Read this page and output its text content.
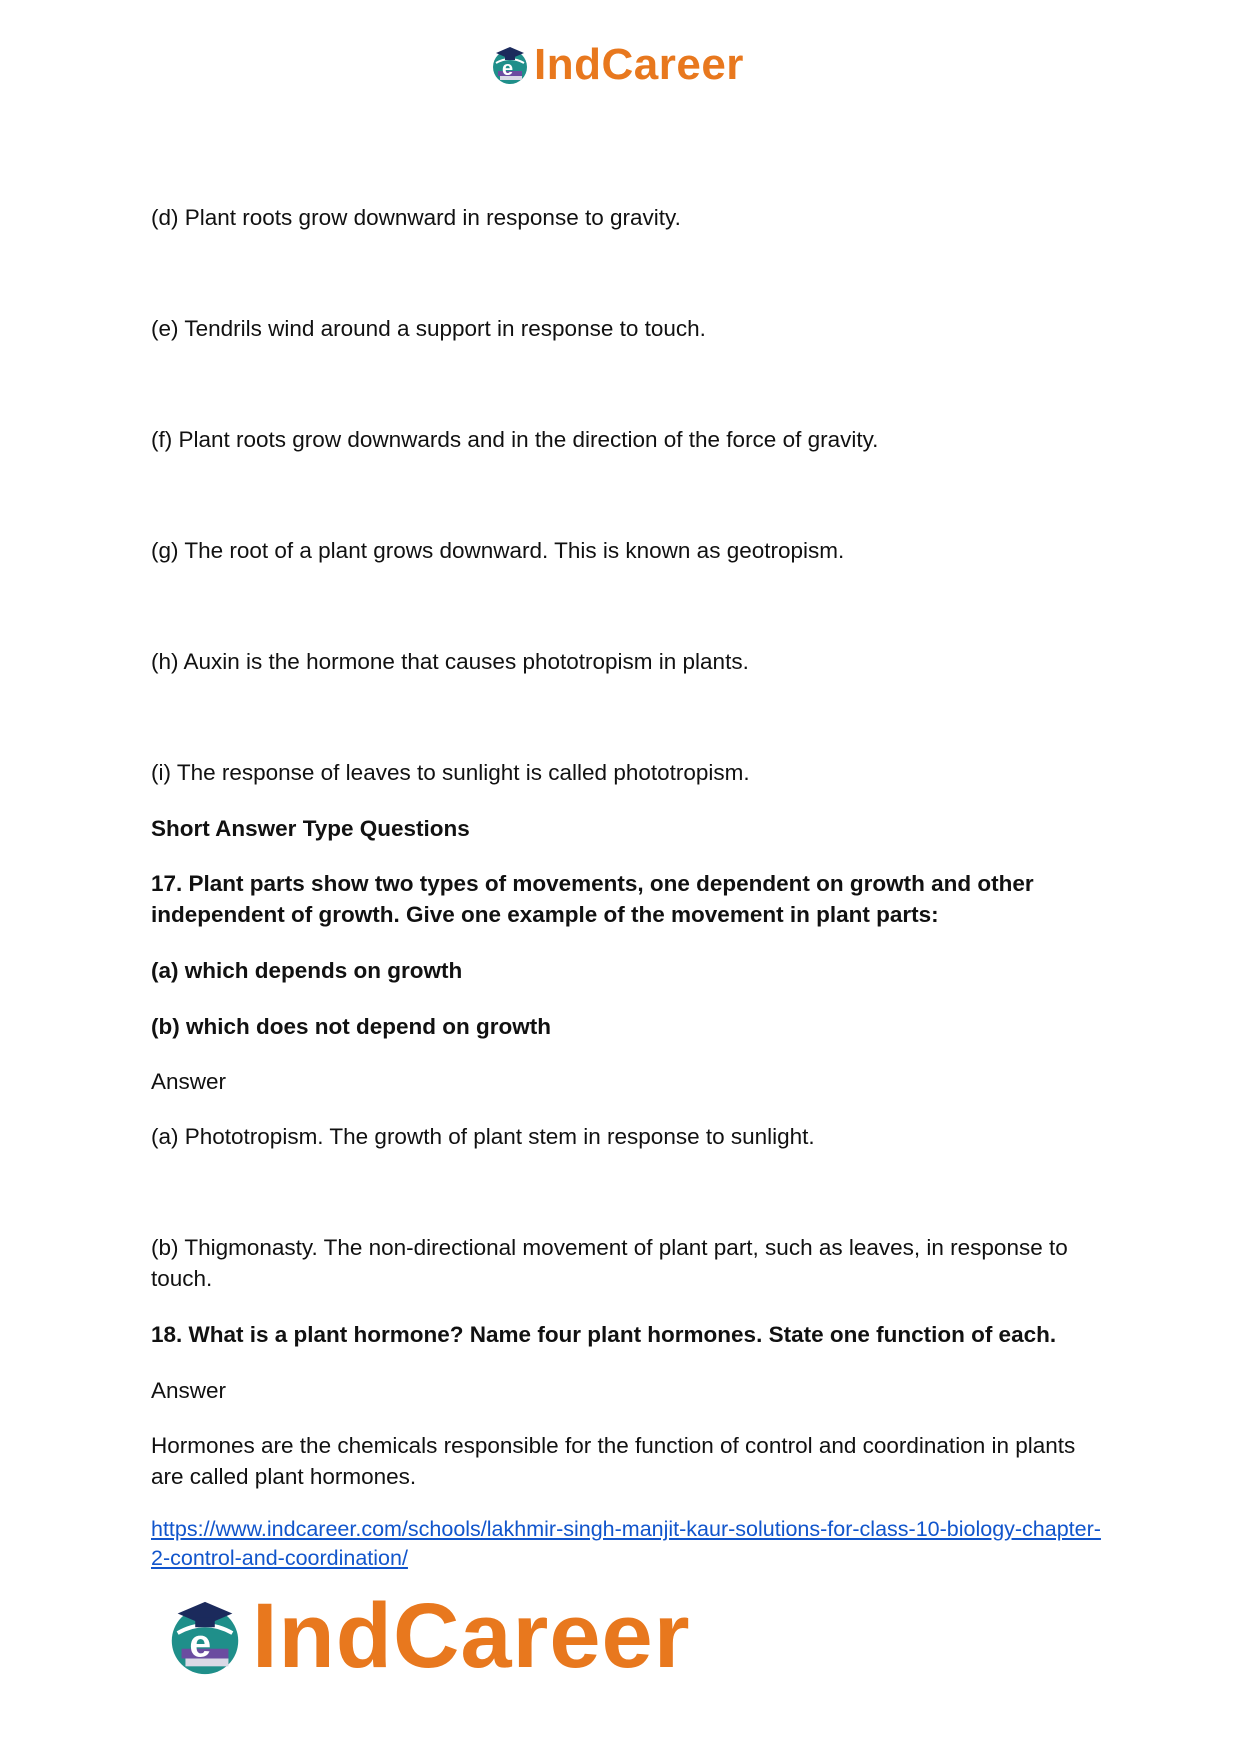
e IndCareer

(d) Plant roots grow downward in response to gravity.

(e) Tendrils wind around a support in response to touch.

(f) Plant roots grow downwards and in the direction of the force of gravity.

(g) The root of a plant grows downward. This is known as geotropism.

(h) Auxin is the hormone that causes phototropism in plants.

(i) The response of leaves to sunlight is called phototropism.

Short Answer Type Questions

17. Plant parts show two types of movements, one dependent on growth and other independent of growth. Give one example of the movement in plant parts:

(a) which depends on growth

(b) which does not depend on growth

Answer

(a) Phototropism. The growth of plant stem in response to sunlight.

(b) Thigmonasty. The non-directional movement of plant part, such as leaves, in response to touch.

18. What is a plant hormone? Name four plant hormones. State one function of each.

Answer

Hormones are the chemicals responsible for the function of control and coordination in plants are called plant hormones.

https://www.indcareer.com/schools/lakhmir-singh-manjit-kaur-solutions-for-class-10-biology-chapter-2-control-and-coordination/

e IndCareer
